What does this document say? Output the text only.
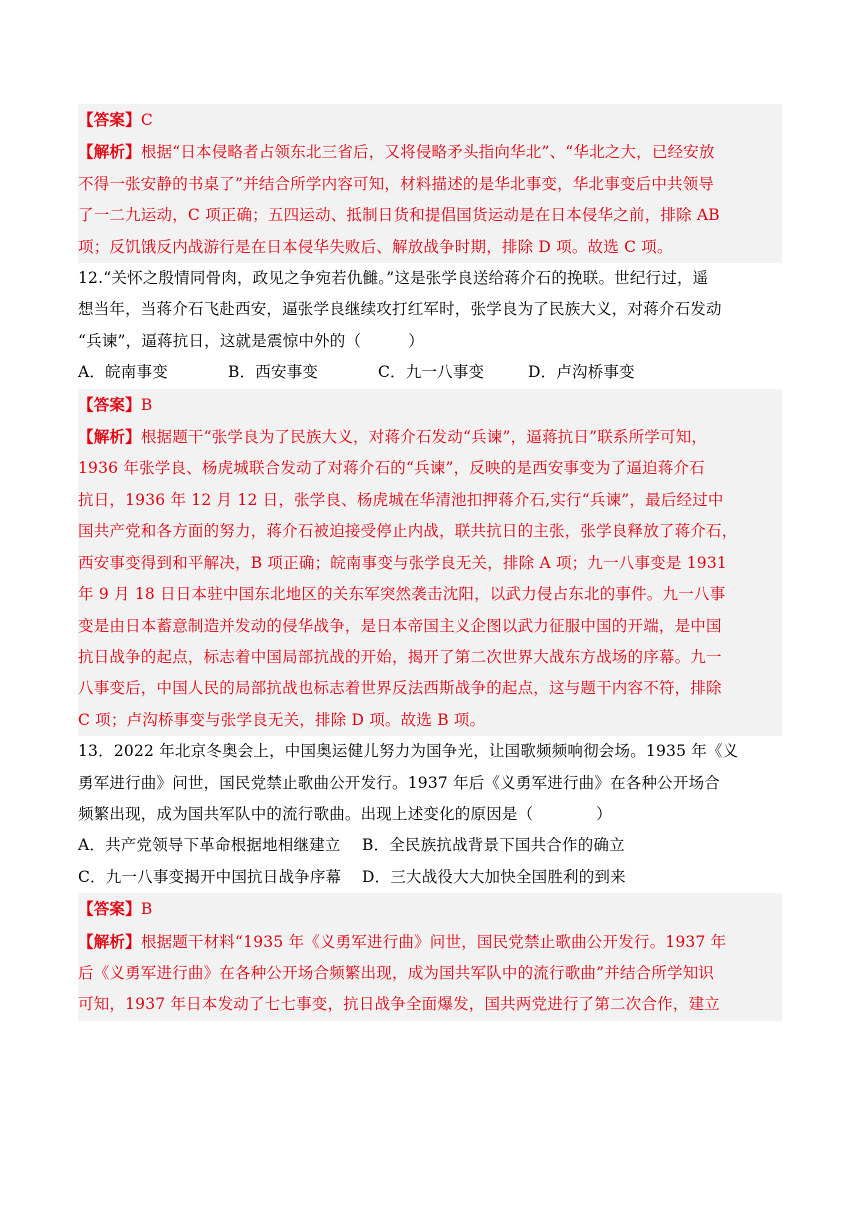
【答案】C
【解析】根据“日本侵略者占领东北三省后，又将侵略矛头指向华北”、“华北之大，已经安放
不得一张安静的书桌了”并结合所学内容可知，材料描述的是华北事变，华北事变后中共领导
了一二九运动，C 项正确；五四运动、抵制日货和提倡国货运动是在日本侵华之前，排除 AB
项；反饥饿反内战游行是在日本侵华失败后、解放战争时期，排除 D 项。故选 C 项。
12.“关怀之殷情同骨肉，政见之争宛若仇雠。”这是张学良送给蒋介石的挽联。世纪行过，遥
想当年，当蒋介石飞赴西安，逼张学良继续攻打红军时，张学良为了民族大义，对蒋介石发动
“兵谏”，逼蒋抗日，这就是震惊中外的（　　　）
A．皖南事变	B．西安事变	C．九一八事变	D．卢沟桥事变
【答案】B
【解析】根据题干“张学良为了民族大义，对蒋介石发动“兵谏”，逼蒋抗日”联系所学可知，
1936 年张学良、杨虎城联合发动了对蒋介石的“兵谏”，反映的是西安事变为了逼迫蒋介石
抗日，1936 年 12 月 12 日，张学良、杨虎城在华清池扣押蒋介石,实行“兵谏”，最后经过中
国共产党和各方面的努力，蒋介石被迫接受停止内战，联共抗日的主张，张学良释放了蒋介石，
西安事变得到和平解决，B 项正确；皖南事变与张学良无关，排除 A 项；九一八事变是 1931
年 9 月 18 日日本驻中国东北地区的关东军突然袭击沈阳，以武力侵占东北的事件。九一八事
变是由日本蓄意制造并发动的侵华战争，是日本帝国主义企图以武力征服中国的开端，是中国
抗日战争的起点，标志着中国局部抗战的开始，揭开了第二次世界大战东方战场的序幕。九一
八事变后，中国人民的局部抗战也标志着世界反法西斯战争的起点，这与题干内容不符，排除
C 项；卢沟桥事变与张学良无关，排除 D 项。故选 B 项。
13．2022 年北京冬奥会上，中国奥运健儿努力为国争光，让国歌频频响彻会场。1935 年《义
勇军进行曲》问世，国民党禁止歌曲公开发行。1937 年后《义勇军进行曲》在各种公开场合
频繁出现，成为国共军队中的流行歌曲。出现上述变化的原因是（　　　　）
A．共产党领导下革命根据地相继建立 B．全民族抗战背景下国共合作的确立
C．九一八事变揭开中国抗日战争序幕 D．三大战役大大加快全国胜利的到来
【答案】B
【解析】根据题干材料“1935 年《义勇军进行曲》问世，国民党禁止歌曲公开发行。1937 年
后《义勇军进行曲》在各种公开场合频繁出现，成为国共军队中的流行歌曲”并结合所学知识
可知，1937 年日本发动了七七事变，抗日战争全面爆发，国共两党进行了第二次合作，建立
